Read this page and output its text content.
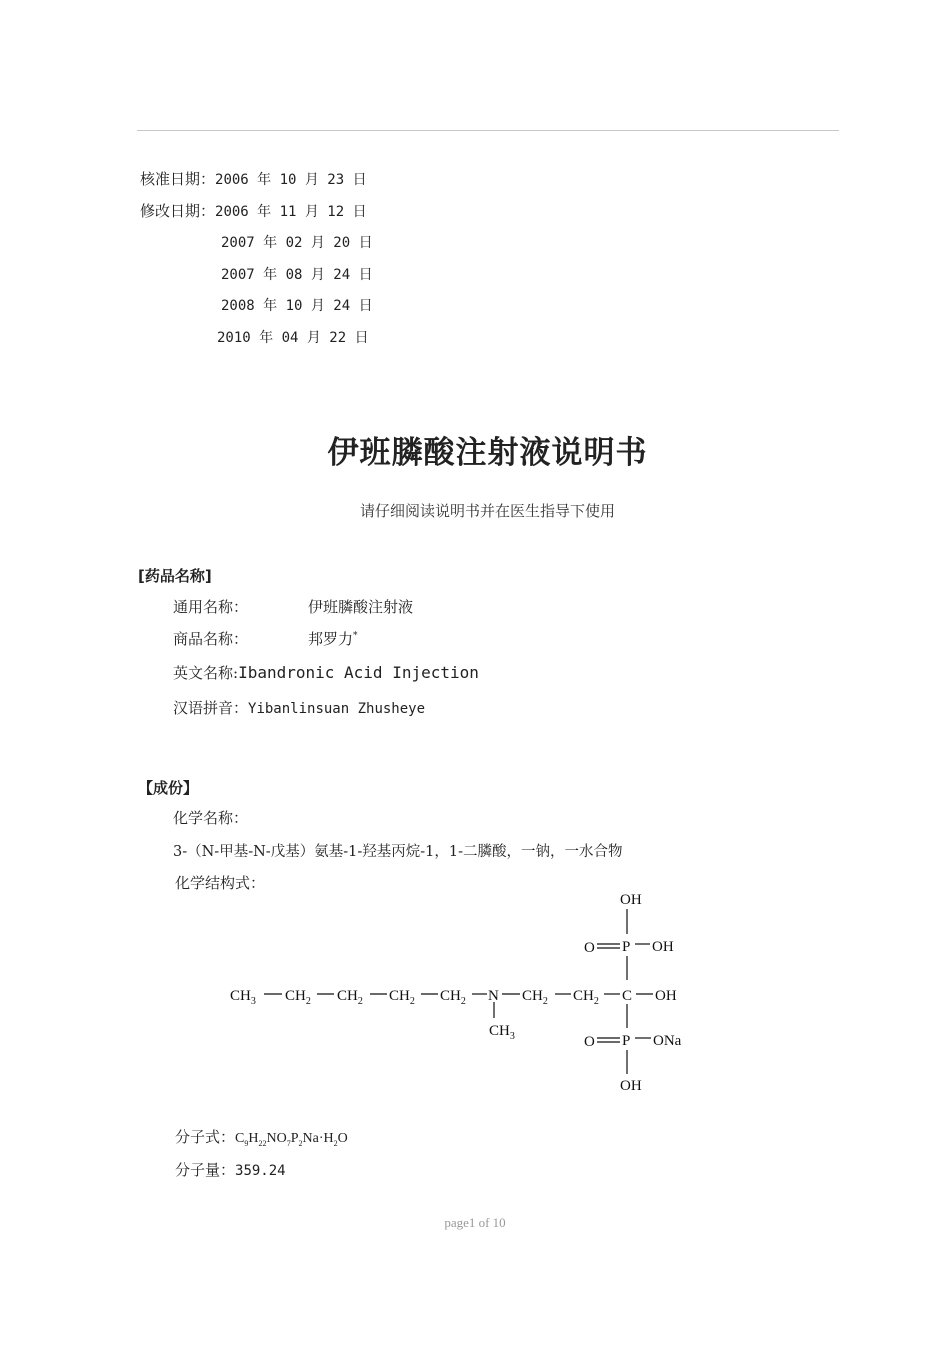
核准日期：2006 年 10 月 23 日
修改日期：2006 年 11 月 12 日
2007 年 02 月 20 日
2007 年 08 月 24 日
2008 年 10 月 24 日
2010 年 04 月 22 日
伊班膦酸注射液说明书
请仔细阅读说明书并在医生指导下使用
[药品名称]
通用名称：	伊班膦酸注射液
商品名称：	邦罗力*
英文名称:Ibandronic Acid Injection
汉语拼音：Yibanlinsuan Zhusheye
【成份】
化学名称：
3-（N-甲基-N-戊基）氨基-1-羟基丙烷-1，1-二膦酸，一钠，一水合物
化学结构式：
$CH_3$ $CH_2$ $CH_2$ $CH_2$ $CH_2$ N $CH_2$ $CH_2$ C OH
$CH_3$
OH
O P OH
O P ONa
OH
分子式：$C_9H_{22}NO_7P_2Na\cdot H_2O$
分子量：359.24
page1 of 10
